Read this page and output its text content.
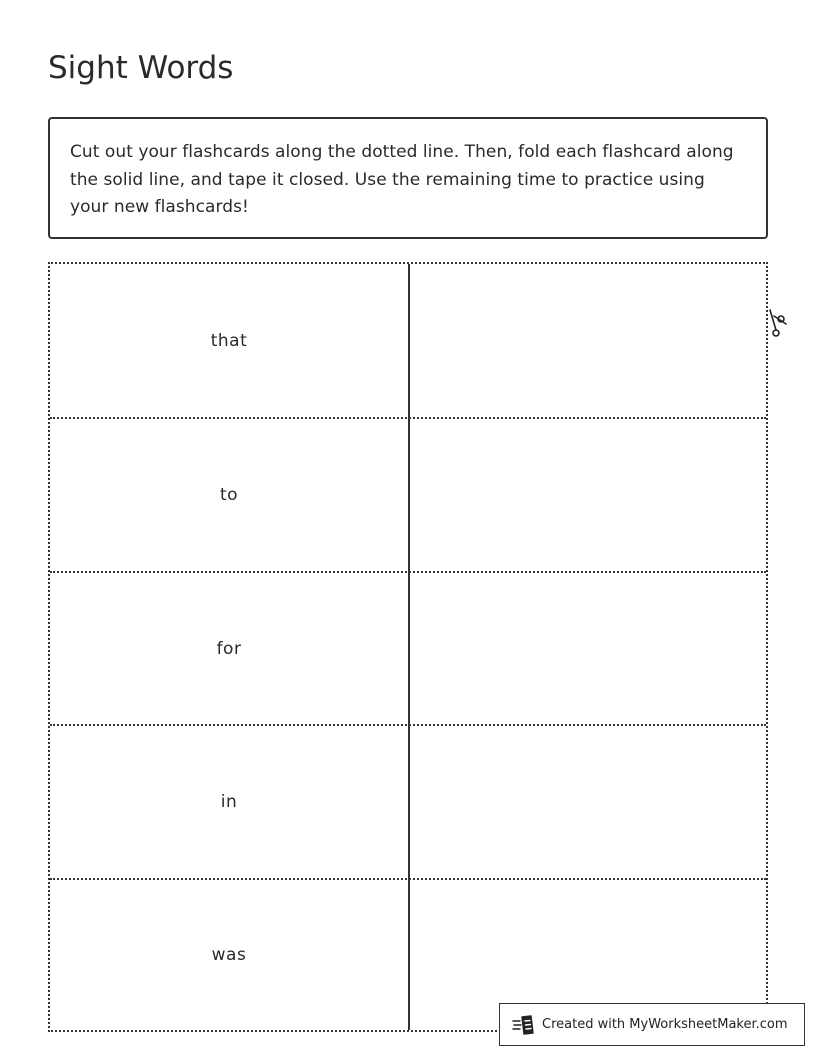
Sight Words
Cut out your flashcards along the dotted line. Then, fold each flashcard along the solid line, and tape it closed. Use the remaining time to practice using your new flashcards!
that
to
for
in
was
Created with MyWorksheetMaker.com
